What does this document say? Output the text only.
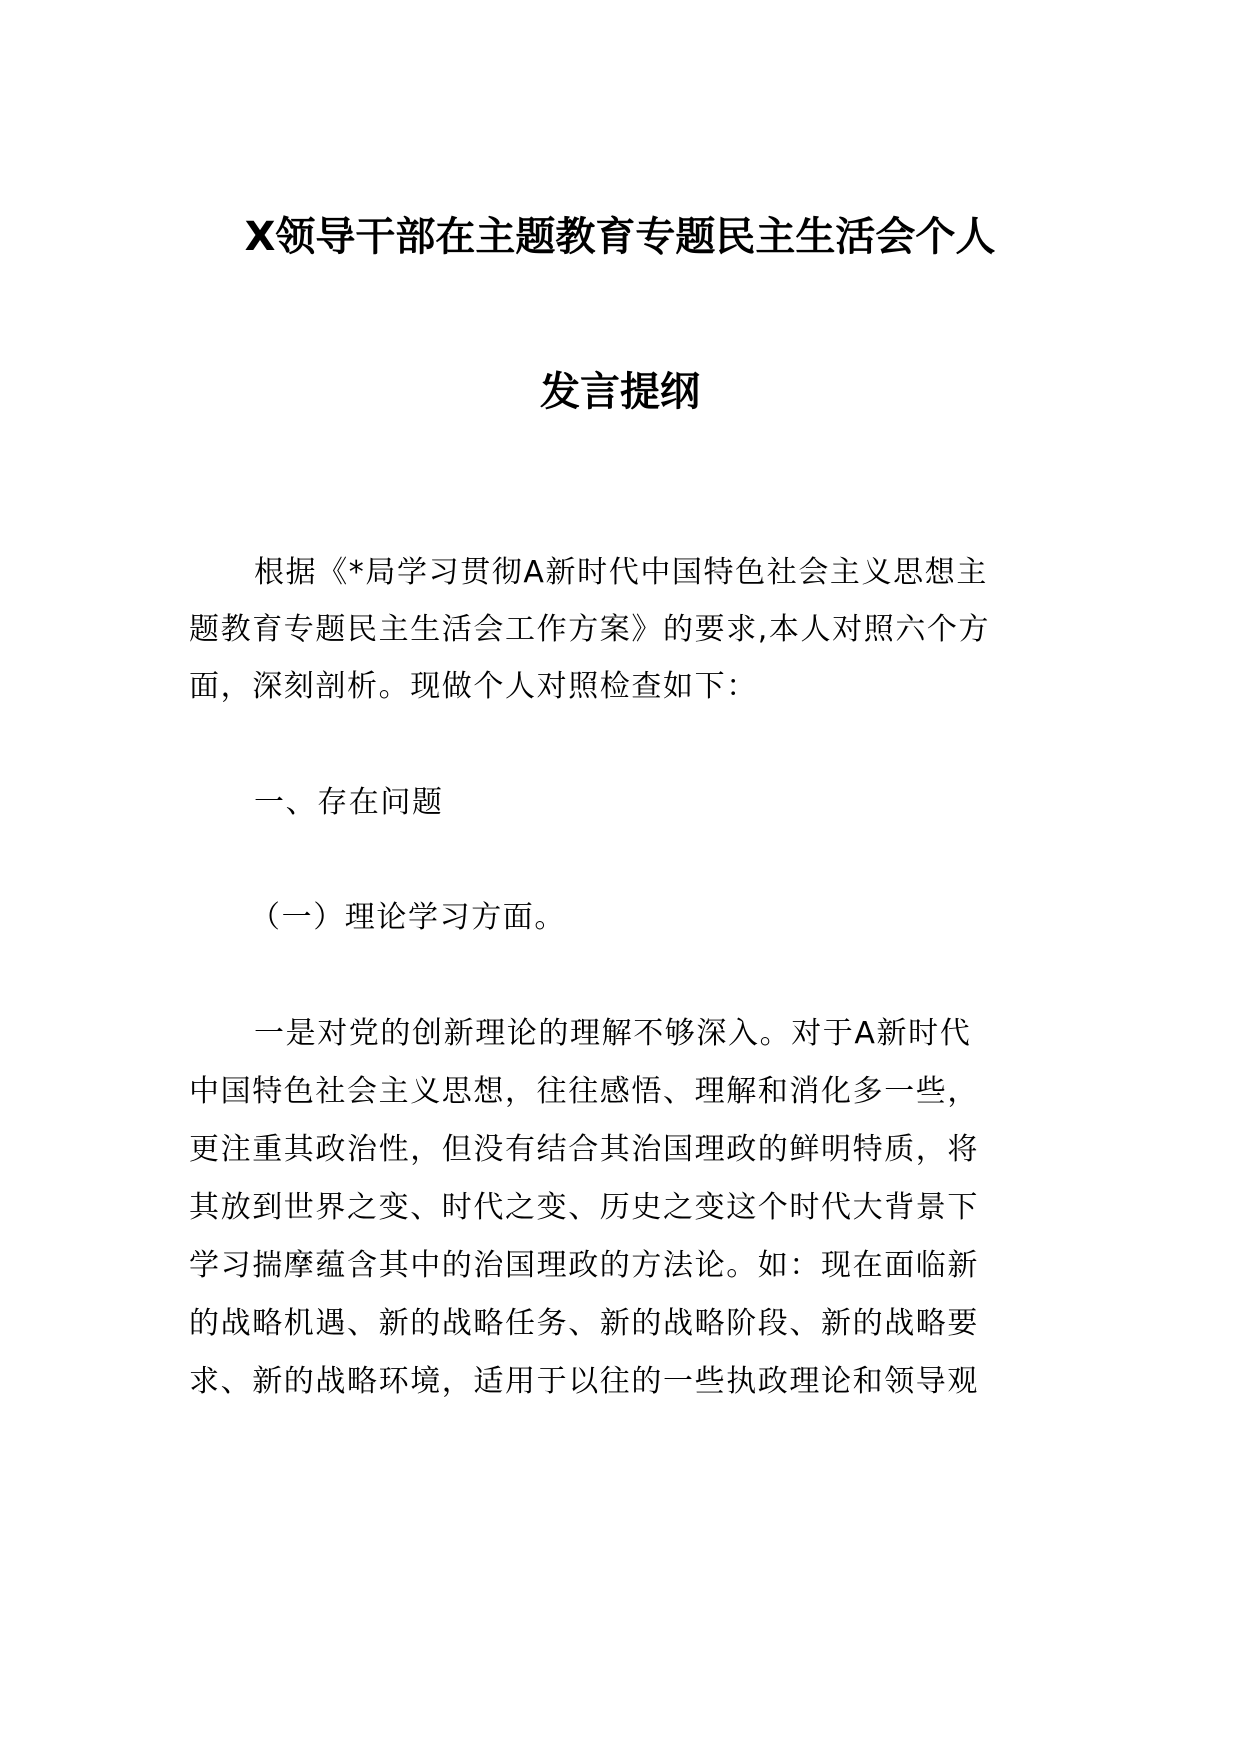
X领导干部在主题教育专题民主生活会个人
发言提纲
根据《*局学习贯彻A新时代中国特色社会主义思想主
题教育专题民主生活会工作方案》的要求,本人对照六个方
面，深刻剖析。现做个人对照检查如下：
一、存在问题
（一）理论学习方面。
一是对党的创新理论的理解不够深入。对于A新时代
中国特色社会主义思想，往往感悟、理解和消化多一些，
更注重其政治性，但没有结合其治国理政的鲜明特质，将
其放到世界之变、时代之变、历史之变这个时代大背景下
学习揣摩蕴含其中的治国理政的方法论。如：现在面临新
的战略机遇、新的战略任务、新的战略阶段、新的战略要
求、新的战略环境，适用于以往的一些执政理论和领导观
